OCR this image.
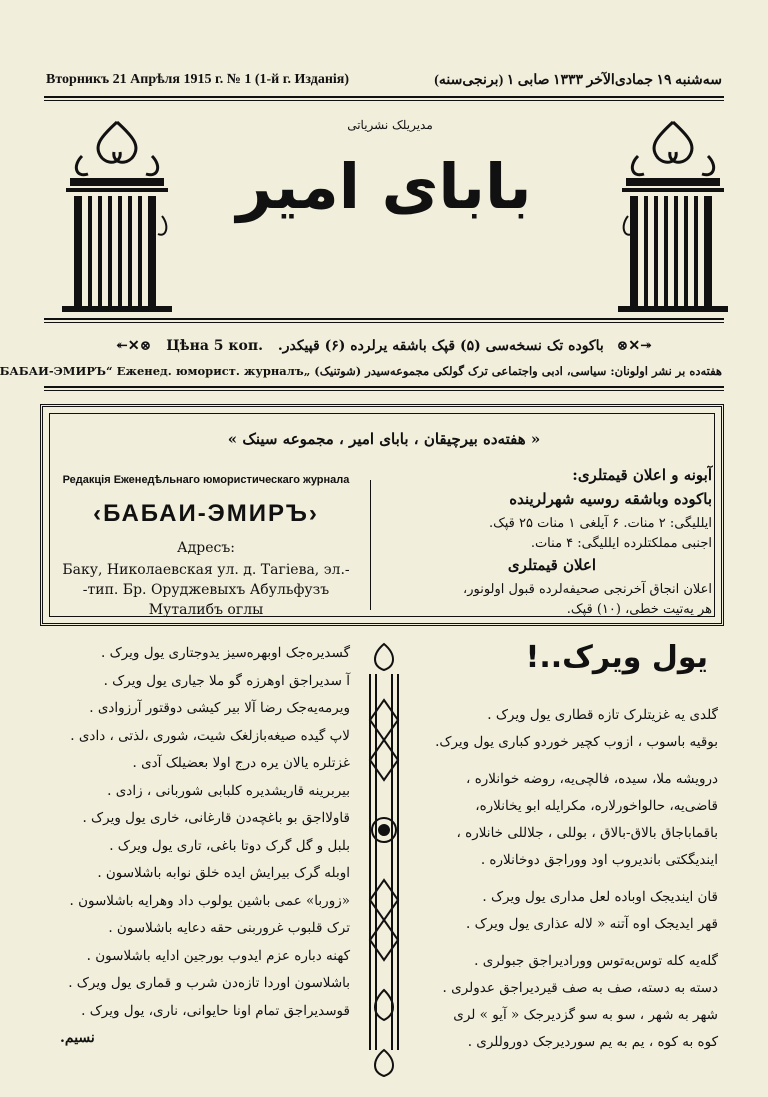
Вторникъ 21 Апрѣля 1915 г. № 1 (1-й г. Изданія)	سه‌شنبه ۱۹ جمادی‌الآخر ۱۳۳۳ صابی ۱ (برنجی‌سنه)
مدیریلک نشریاتی
بابای امیر
↞✕⊗ Цѣна 5 коп. باکوده تک نسخه‌سی (۵) قپک باشقه یرلرده (۶) قپیکدر. ⊗✕↠
هفته‌ده بر نشر اولونان: سیاسی، ادبی واجتماعی ترک گولکی مجموعه‌سیدر (شوتنیک) „БАБАИ-ЭМИРЪ“ Еженед. юморист. журналъ
« هفته‌ده بیرچیقان ، بابای امیر ، مجموعه سینک »
Редакція Еженедѣльнаго юмористическаго журнала
‹БАБАИ-ЭМИРЪ›
Адресъ:
Баку, Николаевская ул. д. Тагіева, эл.-
-тип. Бр. Оруджевыхъ Абульфузъ
Муталибъ оглы
آبونه و اعلان قیمتلری:
باکوده وباشقه روسیه شهرلرینده
ایللیگی: ۲ منات. ۶ آیلغی ۱ منات ۲۵ قپک.
اجنبی مملکتلرده ایللیگی: ۴ منات.
اعلان قیمتلری
اعلان انجاق آخرنجی صحیفه‌لرده قبول اولونور،
هر یه‌تیت خطی، (۱۰) قپک.
یول ویرک..!
گسدیره‌جک اوبهره‌سیز یدوجتاری یول ویرک .
آ سدیراجق اوهرزه گو ملا جیاری یول ویرک .
ویرمه‌یه‌جک رضا آلا بیر کیشی دوقتور آرزوادی .
لاپ گیده صیغه‌بازلغک شیت، شوری ،لذتی ، دادی .
غزتلره یالان یره درج اولا بعضیلک آدی .
بیربرینه قاریشدیره کلبابی شوربانی ، زادی .
قاولااجق بو باغچه‌دن قارغانی، خاری یول ویرک .
بلبل و گل گرک دوتا باغی، تاری یول ویرک .
اوبله گرک بیرایش ایده خلق نوابه باشلاسون .
«زوربا» عمی باشین یولوب داد وهرایه باشلاسون .
ترک قلبوب غروربنی حقه دعایه باشلاسون .
کهنه دباره عزم ایدوب بورجین ادایه باشلاسون .
باشلاسون اوردا تازه‌دن شرب و قماری یول ویرک .
قوسدیراجق تمام اونا حایوانی، ناری، یول ویرک .
نسیم.
گلدی یه غزیتلرک تازه قطاری یول ویرک .
بوقیه باسوب ، ازوب کچیر خوردو کباری یول ویرک.
درویشه ملا، سیده، فالچی‌یه، روضه خوانلاره ،
قاضی‌یه، حالواخورلاره، مکرایله ابو یخانلاره،
باقماباجاق بالاق-بالاق ، بوللی ، جلاللی خانلاره ،
ایندیگکتی باندیروب اود ووراجق دوخانلاره .
قان ایندیجک اوباده لعل مداری یول ویرک .
قهر ایدیجک اوه آتنه « لاله عذاری یول ویرک .
گله‌یه کله توس‌به‌توس وورادیراجق جبولری .
دسته به دسته، صف به صف قیردیراجق عدولری .
شهر به شهر ، سو به سو گزدیرجک « آیو » لری
کوه به کوه ، یم به یم سوردیرجک دوروللری .
